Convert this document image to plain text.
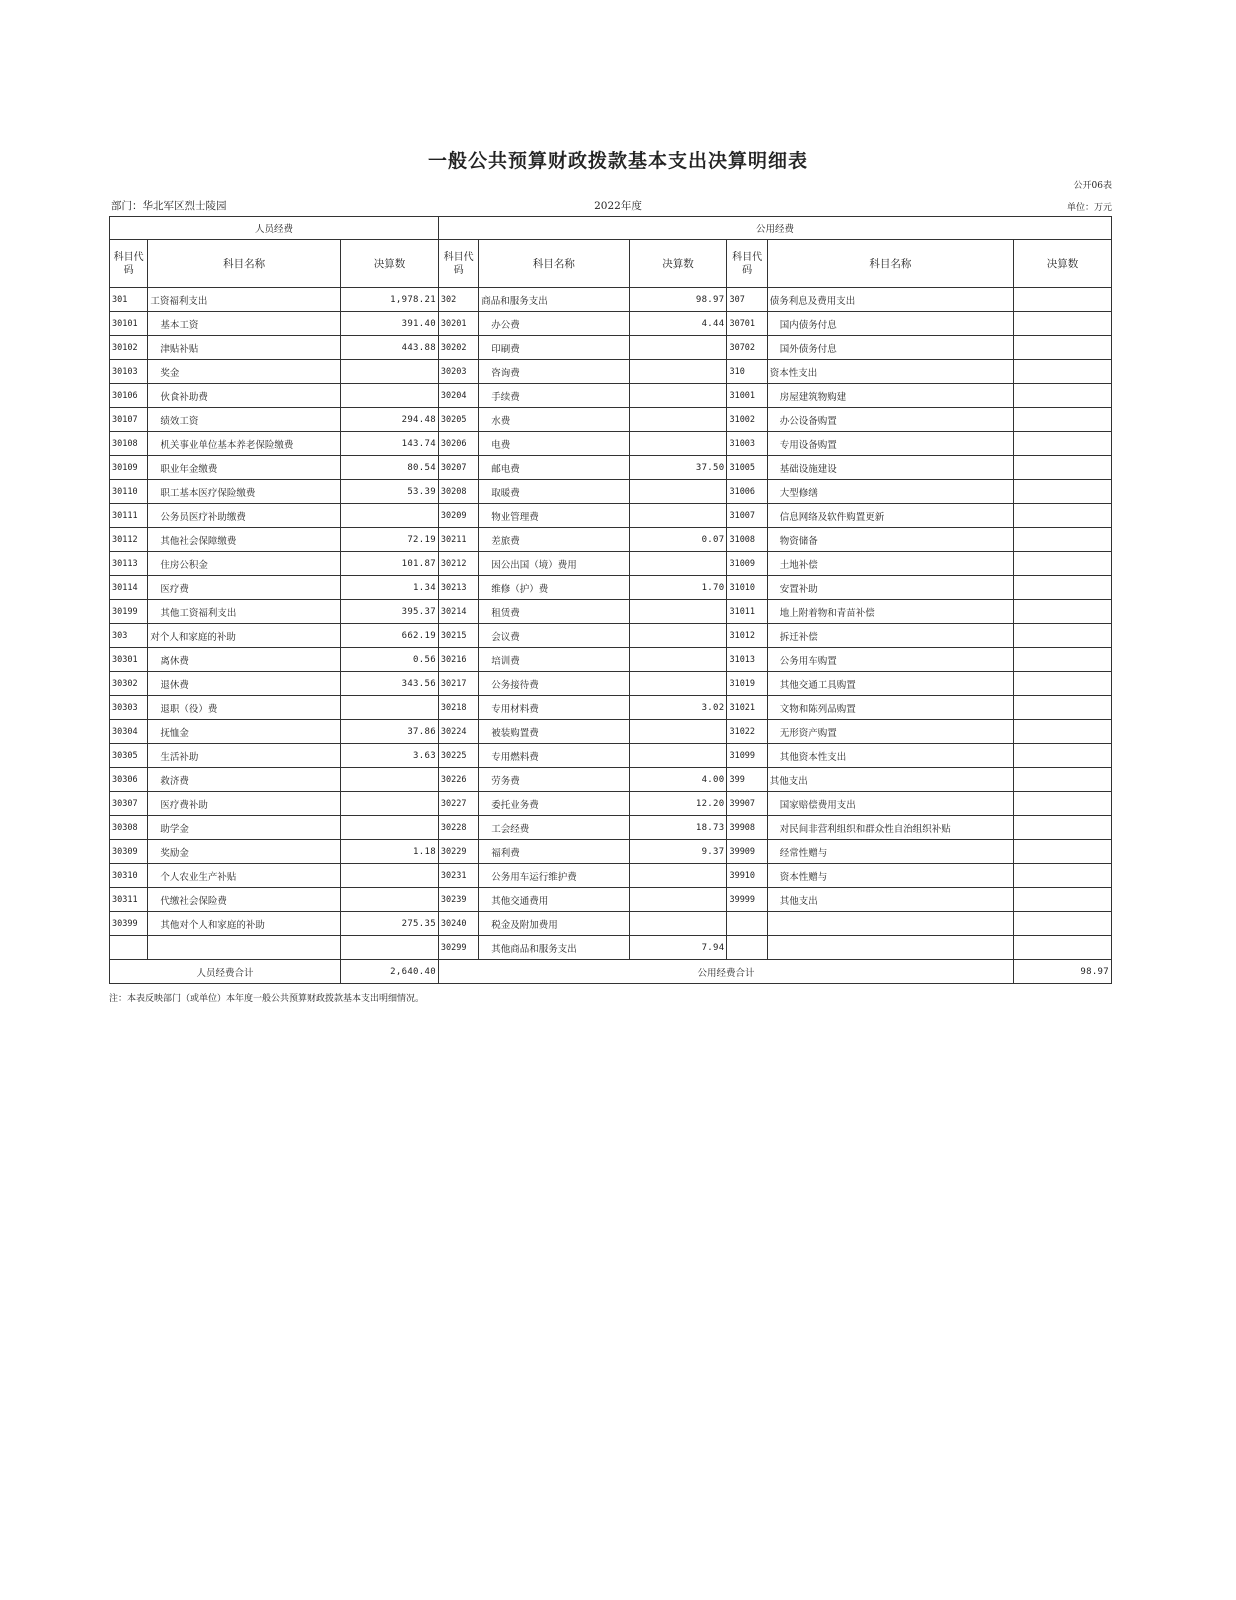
一般公共预算财政拨款基本支出决算明细表
公开06表
部门：华北军区烈士陵园	2022年度	单位：万元
人员经费			公用经费					
科目代码	科目名称	决算数	科目代码	科目名称	决算数	科目代码	科目名称	决算数
301	工资福利支出	1,978.21	302	商品和服务支出	98.97	307	债务利息及费用支出	
30101	基本工资	391.40	30201	办公费	4.44	30701	国内债务付息	
30102	津贴补贴	443.88	30202	印刷费		30702	国外债务付息	
30103	奖金		30203	咨询费		310	资本性支出	
30106	伙食补助费		30204	手续费		31001	房屋建筑物购建	
30107	绩效工资	294.48	30205	水费		31002	办公设备购置	
30108	机关事业单位基本养老保险缴费	143.74	30206	电费		31003	专用设备购置	
30109	职业年金缴费	80.54	30207	邮电费	37.50	31005	基础设施建设	
30110	职工基本医疗保险缴费	53.39	30208	取暖费		31006	大型修缮	
30111	公务员医疗补助缴费		30209	物业管理费		31007	信息网络及软件购置更新	
30112	其他社会保障缴费	72.19	30211	差旅费	0.07	31008	物资储备	
30113	住房公积金	101.87	30212	因公出国（境）费用		31009	土地补偿	
30114	医疗费	1.34	30213	维修（护）费	1.70	31010	安置补助	
30199	其他工资福利支出	395.37	30214	租赁费		31011	地上附着物和青苗补偿	
303	对个人和家庭的补助	662.19	30215	会议费		31012	拆迁补偿	
30301	离休费	0.56	30216	培训费		31013	公务用车购置	
30302	退休费	343.56	30217	公务接待费		31019	其他交通工具购置	
30303	退职（役）费		30218	专用材料费	3.02	31021	文物和陈列品购置	
30304	抚恤金	37.86	30224	被装购置费		31022	无形资产购置	
30305	生活补助	3.63	30225	专用燃料费		31099	其他资本性支出	
30306	救济费		30226	劳务费	4.00	399	其他支出	
30307	医疗费补助		30227	委托业务费	12.20	39907	国家赔偿费用支出	
30308	助学金		30228	工会经费	18.73	39908	对民间非营利组织和群众性自治组织补贴	
30309	奖励金	1.18	30229	福利费	9.37	39909	经常性赠与	
30310	个人农业生产补贴		30231	公务用车运行维护费		39910	资本性赠与	
30311	代缴社会保险费		30239	其他交通费用		39999	其他支出	
30399	其他对个人和家庭的补助	275.35	30240	税金及附加费用				
			30299	其他商品和服务支出	7.94			
人员经费合计		2,640.40	公用经费合计					98.97
注：本表反映部门（或单位）本年度一般公共预算财政拨款基本支出明细情况。
